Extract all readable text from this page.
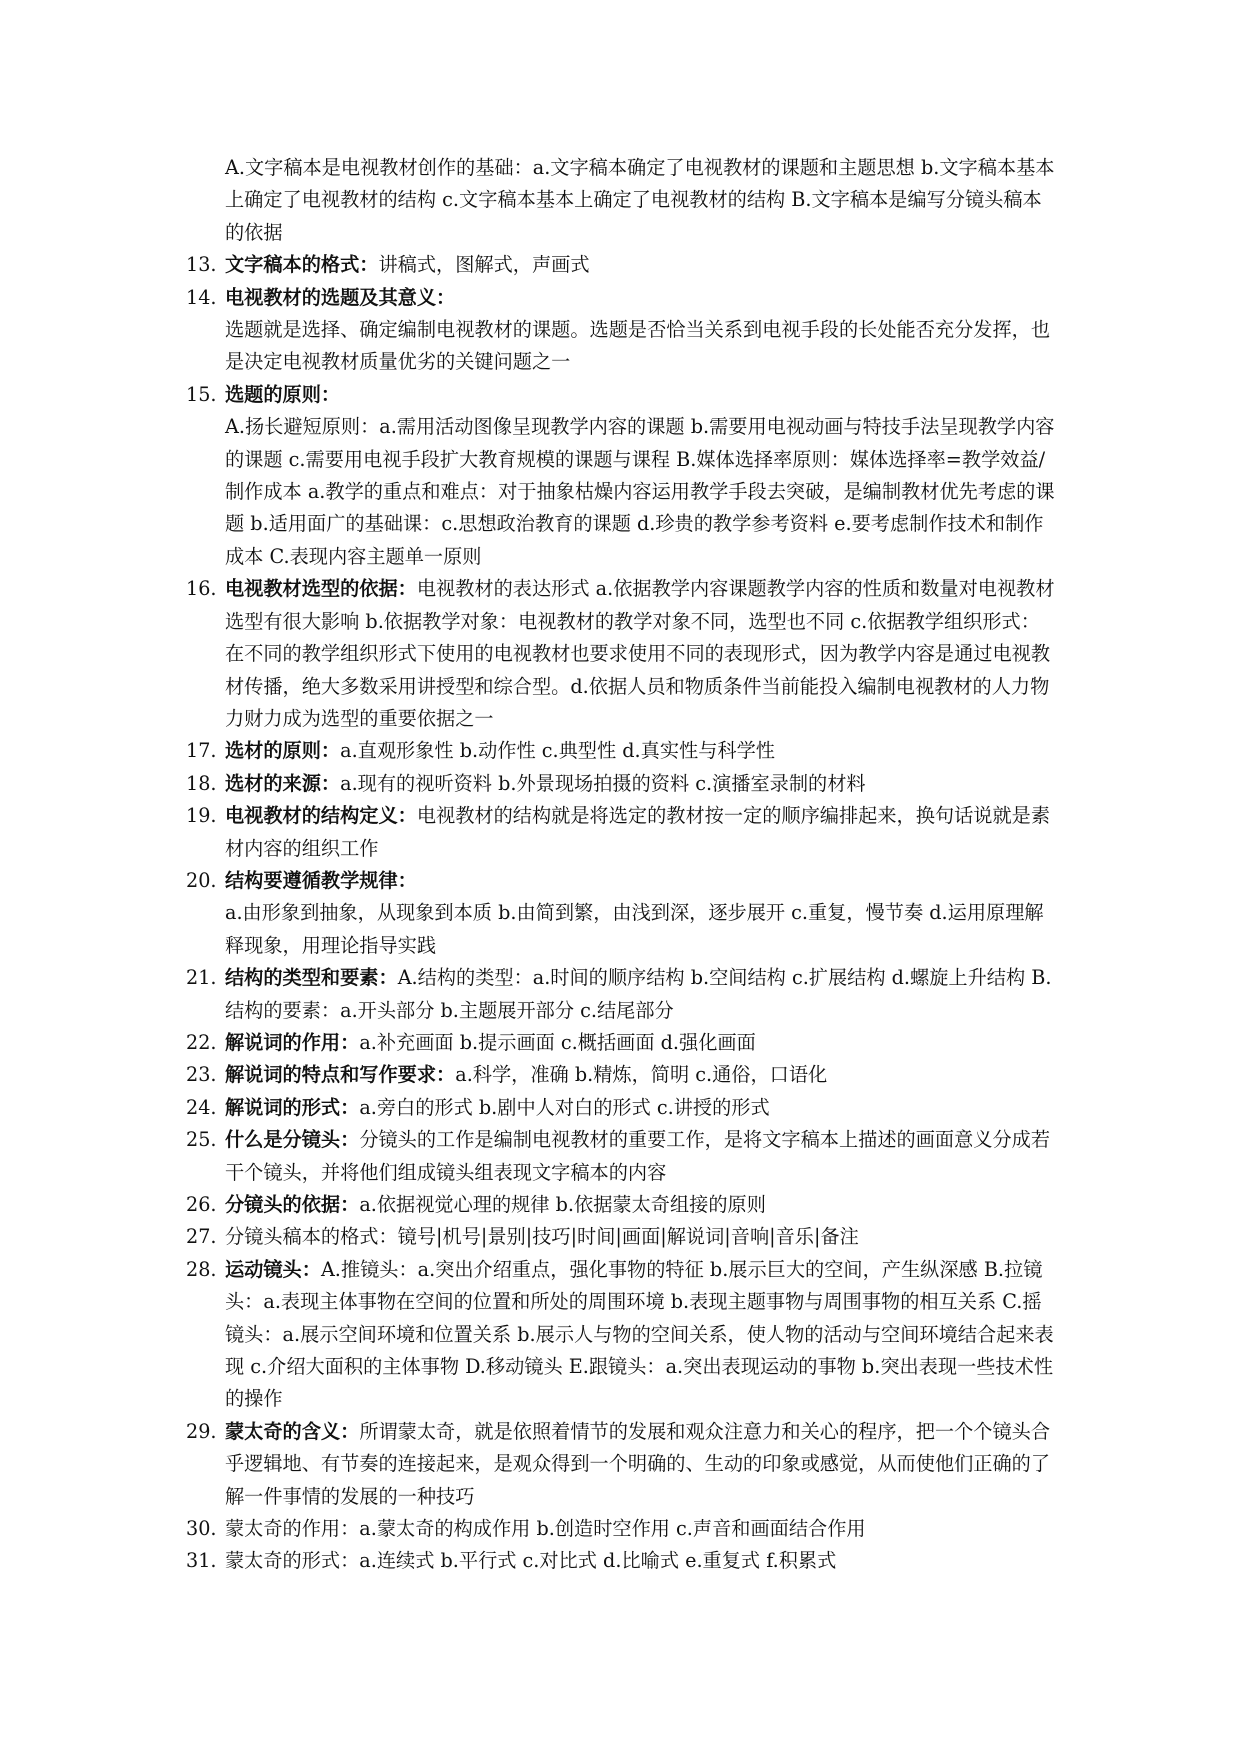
A.文字稿本是电视教材创作的基础：a.文字稿本确定了电视教材的课题和主题思想 b.文字稿本基本上确定了电视教材的结构 c.文字稿本基本上确定了电视教材的结构 B.文字稿本是编写分镜头稿本的依据
13. 文字稿本的格式：讲稿式，图解式，声画式
14. 电视教材的选题及其意义：
选题就是选择、确定编制电视教材的课题。选题是否恰当关系到电视手段的长处能否充分发挥，也是决定电视教材质量优劣的关键问题之一
15. 选题的原则：
A.扬长避短原则：a.需用活动图像呈现教学内容的课题 b.需要用电视动画与特技手法呈现教学内容的课题 c.需要用电视手段扩大教育规模的课题与课程 B.媒体选择率原则：媒体选择率=教学效益/制作成本 a.教学的重点和难点：对于抽象枯燥内容运用教学手段去突破，是编制教材优先考虑的课题 b.适用面广的基础课：c.思想政治教育的课题 d.珍贵的教学参考资料 e.要考虑制作技术和制作成本 C.表现内容主题单一原则
16. 电视教材选型的依据：电视教材的表达形式 a.依据教学内容课题教学内容的性质和数量对电视教材选型有很大影响 b.依据教学对象：电视教材的教学对象不同，选型也不同 c.依据教学组织形式：在不同的教学组织形式下使用的电视教材也要求使用不同的表现形式，因为教学内容是通过电视教材传播，绝大多数采用讲授型和综合型。d.依据人员和物质条件当前能投入编制电视教材的人力物力财力成为选型的重要依据之一
17. 选材的原则：a.直观形象性 b.动作性 c.典型性 d.真实性与科学性
18. 选材的来源：a.现有的视听资料 b.外景现场拍摄的资料 c.演播室录制的材料
19. 电视教材的结构定义：电视教材的结构就是将选定的教材按一定的顺序编排起来，换句话说就是素材内容的组织工作
20. 结构要遵循教学规律：
a.由形象到抽象，从现象到本质 b.由简到繁，由浅到深，逐步展开 c.重复，慢节奏 d.运用原理解释现象，用理论指导实践
21. 结构的类型和要素：A.结构的类型：a.时间的顺序结构 b.空间结构 c.扩展结构 d.螺旋上升结构 B.结构的要素：a.开头部分 b.主题展开部分 c.结尾部分
22. 解说词的作用：a.补充画面 b.提示画面 c.概括画面 d.强化画面
23. 解说词的特点和写作要求：a.科学，准确 b.精炼，简明 c.通俗，口语化
24. 解说词的形式：a.旁白的形式 b.剧中人对白的形式 c.讲授的形式
25. 什么是分镜头：分镜头的工作是编制电视教材的重要工作，是将文字稿本上描述的画面意义分成若干个镜头，并将他们组成镜头组表现文字稿本的内容
26. 分镜头的依据：a.依据视觉心理的规律 b.依据蒙太奇组接的原则
27. 分镜头稿本的格式：镜号|机号|景别|技巧|时间|画面|解说词|音响|音乐|备注
28. 运动镜头：A.推镜头：a.突出介绍重点，强化事物的特征 b.展示巨大的空间，产生纵深感 B.拉镜头：a.表现主体事物在空间的位置和所处的周围环境 b.表现主题事物与周围事物的相互关系 C.摇镜头：a.展示空间环境和位置关系 b.展示人与物的空间关系，使人物的活动与空间环境结合起来表现 c.介绍大面积的主体事物 D.移动镜头 E.跟镜头：a.突出表现运动的事物 b.突出表现一些技术性的操作
29. 蒙太奇的含义：所谓蒙太奇，就是依照着情节的发展和观众注意力和关心的程序，把一个个镜头合乎逻辑地、有节奏的连接起来，是观众得到一个明确的、生动的印象或感觉，从而使他们正确的了解一件事情的发展的一种技巧
30. 蒙太奇的作用：a.蒙太奇的构成作用 b.创造时空作用 c.声音和画面结合作用
31. 蒙太奇的形式：a.连续式 b.平行式 c.对比式 d.比喻式 e.重复式 f.积累式
